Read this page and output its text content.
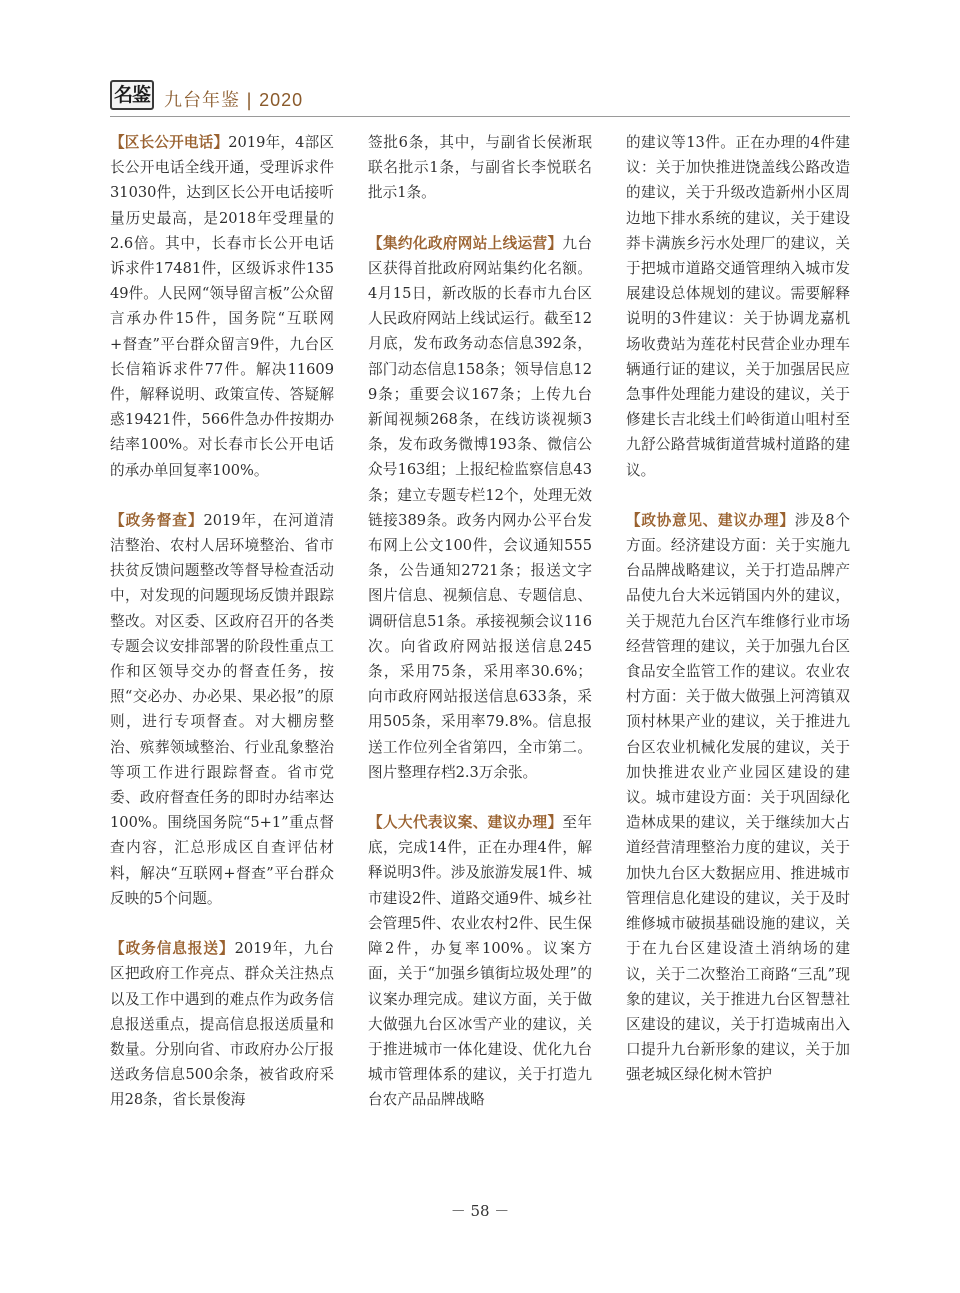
名鉴 九台年鉴 | 2020

【区长公开电话】2019年，4部区长公开电话全线开通，受理诉求件31030件，达到区长公开电话接听量历史最高，是2018年受理量的2.6倍。其中，长春市长公开电话诉求件17481件，区级诉求件13549件。人民网“领导留言板”公众留言承办件15件，国务院“互联网+督查”平台群众留言9件，九台区长信箱诉求件77件。解决11609件，解释说明、政策宣传、答疑解惑19421件，566件急办件按期办结率100%。对长春市长公开电话的承办单回复率100%。

【政务督查】2019年，在河道清洁整治、农村人居环境整治、省市扶贫反馈问题整改等督导检查活动中，对发现的问题现场反馈并跟踪整改。对区委、区政府召开的各类专题会议安排部署的阶段性重点工作和区领导交办的督查任务，按照“交必办、办必果、果必报”的原则，进行专项督查。对大棚房整治、殡葬领域整治、行业乱象整治等项工作进行跟踪督查。省市党委、政府督查任务的即时办结率达100%。围绕国务院“5+1”重点督查内容，汇总形成区自查评估材料，解决“互联网+督查”平台群众反映的5个问题。

【政务信息报送】2019年，九台区把政府工作亮点、群众关注热点以及工作中遇到的难点作为政务信息报送重点，提高信息报送质量和数量。分别向省、市政府办公厅报送政务信息500余条，被省政府采用28条，省长景俊海

签批6条，其中，与副省长侯淅珉联名批示1条，与副省长李悦联名批示1条。

【集约化政府网站上线运营】九台区获得首批政府网站集约化名额。4月15日，新改版的长春市九台区人民政府网站上线试运行。截至12月底，发布政务动态信息392条，部门动态信息158条；领导信息129条；重要会议167条；上传九台新闻视频268条，在线访谈视频3条，发布政务微博193条、微信公众号163组；上报纪检监察信息43条；建立专题专栏12个，处理无效链接389条。政务内网办公平台发布网上公文100件，会议通知555条，公告通知2721条；报送文字图片信息、视频信息、专题信息、调研信息51条。承接视频会议116次。向省政府网站报送信息245条，采用75条，采用率30.6%；向市政府网站报送信息633条，采用505条，采用率79.8%。信息报送工作位列全省第四，全市第二。图片整理存档2.3万余张。

【人大代表议案、建议办理】至年底，完成14件，正在办理4件，解释说明3件。涉及旅游发展1件、城市建设2件、道路交通9件、城乡社会管理5件、农业农村2件、民生保障2件，办复率100%。议案方面，关于“加强乡镇街垃圾处理”的议案办理完成。建议方面，关于做大做强九台区冰雪产业的建议，关于推进城市一体化建设、优化九台城市管理体系的建议，关于打造九台农产品品牌战略

的建议等13件。正在办理的4件建议：关于加快推进饶盖线公路改造的建议，关于升级改造新州小区周边地下排水系统的建议，关于建设莽卡满族乡污水处理厂的建议，关于把城市道路交通管理纳入城市发展建设总体规划的建议。需要解释说明的3件建议：关于协调龙嘉机场收费站为莲花村民营企业办理车辆通行证的建议，关于加强居民应急事件处理能力建设的建议，关于修建长吉北线土们岭街道山咀村至九舒公路营城街道营城村道路的建议。

【政协意见、建议办理】涉及8个方面。经济建设方面：关于实施九台品牌战略建议，关于打造品牌产品使九台大米远销国内外的建议，关于规范九台区汽车维修行业市场经营管理的建议，关于加强九台区食品安全监管工作的建议。农业农村方面：关于做大做强上河湾镇双顶村林果产业的建议，关于推进九台区农业机械化发展的建议，关于加快推进农业产业园区建设的建议。城市建设方面：关于巩固绿化造林成果的建议，关于继续加大占道经营清理整治力度的建议，关于加快九台区大数据应用、推进城市管理信息化建设的建议，关于及时维修城市破损基础设施的建议，关于在九台区建设渣土消纳场的建议，关于二次整治工商路“三乱”现象的建议，关于推进九台区智慧社区建设的建议，关于打造城南出入口提升九台新形象的建议，关于加强老城区绿化树木管护

－ 58 －
